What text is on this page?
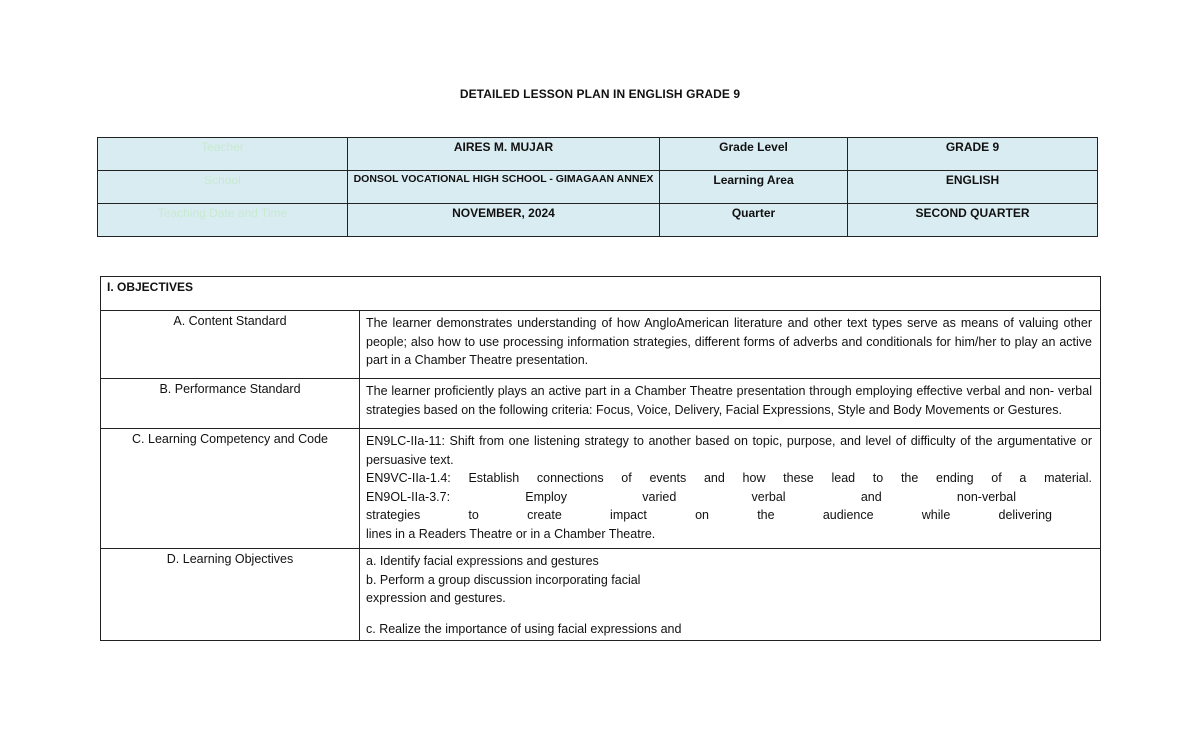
DETAILED LESSON PLAN IN ENGLISH GRADE 9
Teacher	AIRES M. MUJAR	Grade Level	GRADE 9
School	DONSOL VOCATIONAL HIGH SCHOOL - GIMAGAAN ANNEX	Learning Area	ENGLISH
Teaching Date and Time	NOVEMBER, 2024	Quarter	SECOND QUARTER
I. OBJECTIVES	
A. Content Standard	The learner demonstrates understanding of how AngloAmerican literature and other text types serve as means of valuing other people; also how to use processing information strategies, different forms of adverbs and conditionals for him/her to play an active part in a Chamber Theatre presentation.
B. Performance Standard	The learner proficiently plays an active part in a Chamber Theatre presentation through employing effective verbal and non- verbal strategies based on the following criteria: Focus, Voice, Delivery, Facial Expressions, Style and Body Movements or Gestures.
C. Learning Competency and Code	EN9LC-IIa-11: Shift from one listening strategy to another based on topic, purpose, and level of difficulty of the argumentative or persuasive text.
EN9VC-IIa-1.4: Establish connections of events and how these lead to the ending of a material.
EN9OL-IIa-3.7: Employ varied verbal and non-verbal
strategies to create impact on the audience while delivering
lines in a Readers Theatre or in a Chamber Theatre.

D. Learning Objectives	a. Identify facial expressions and gestures
b. Perform a group discussion incorporating facial
expression and gestures.
c. Realize the importance of using facial expressions and
